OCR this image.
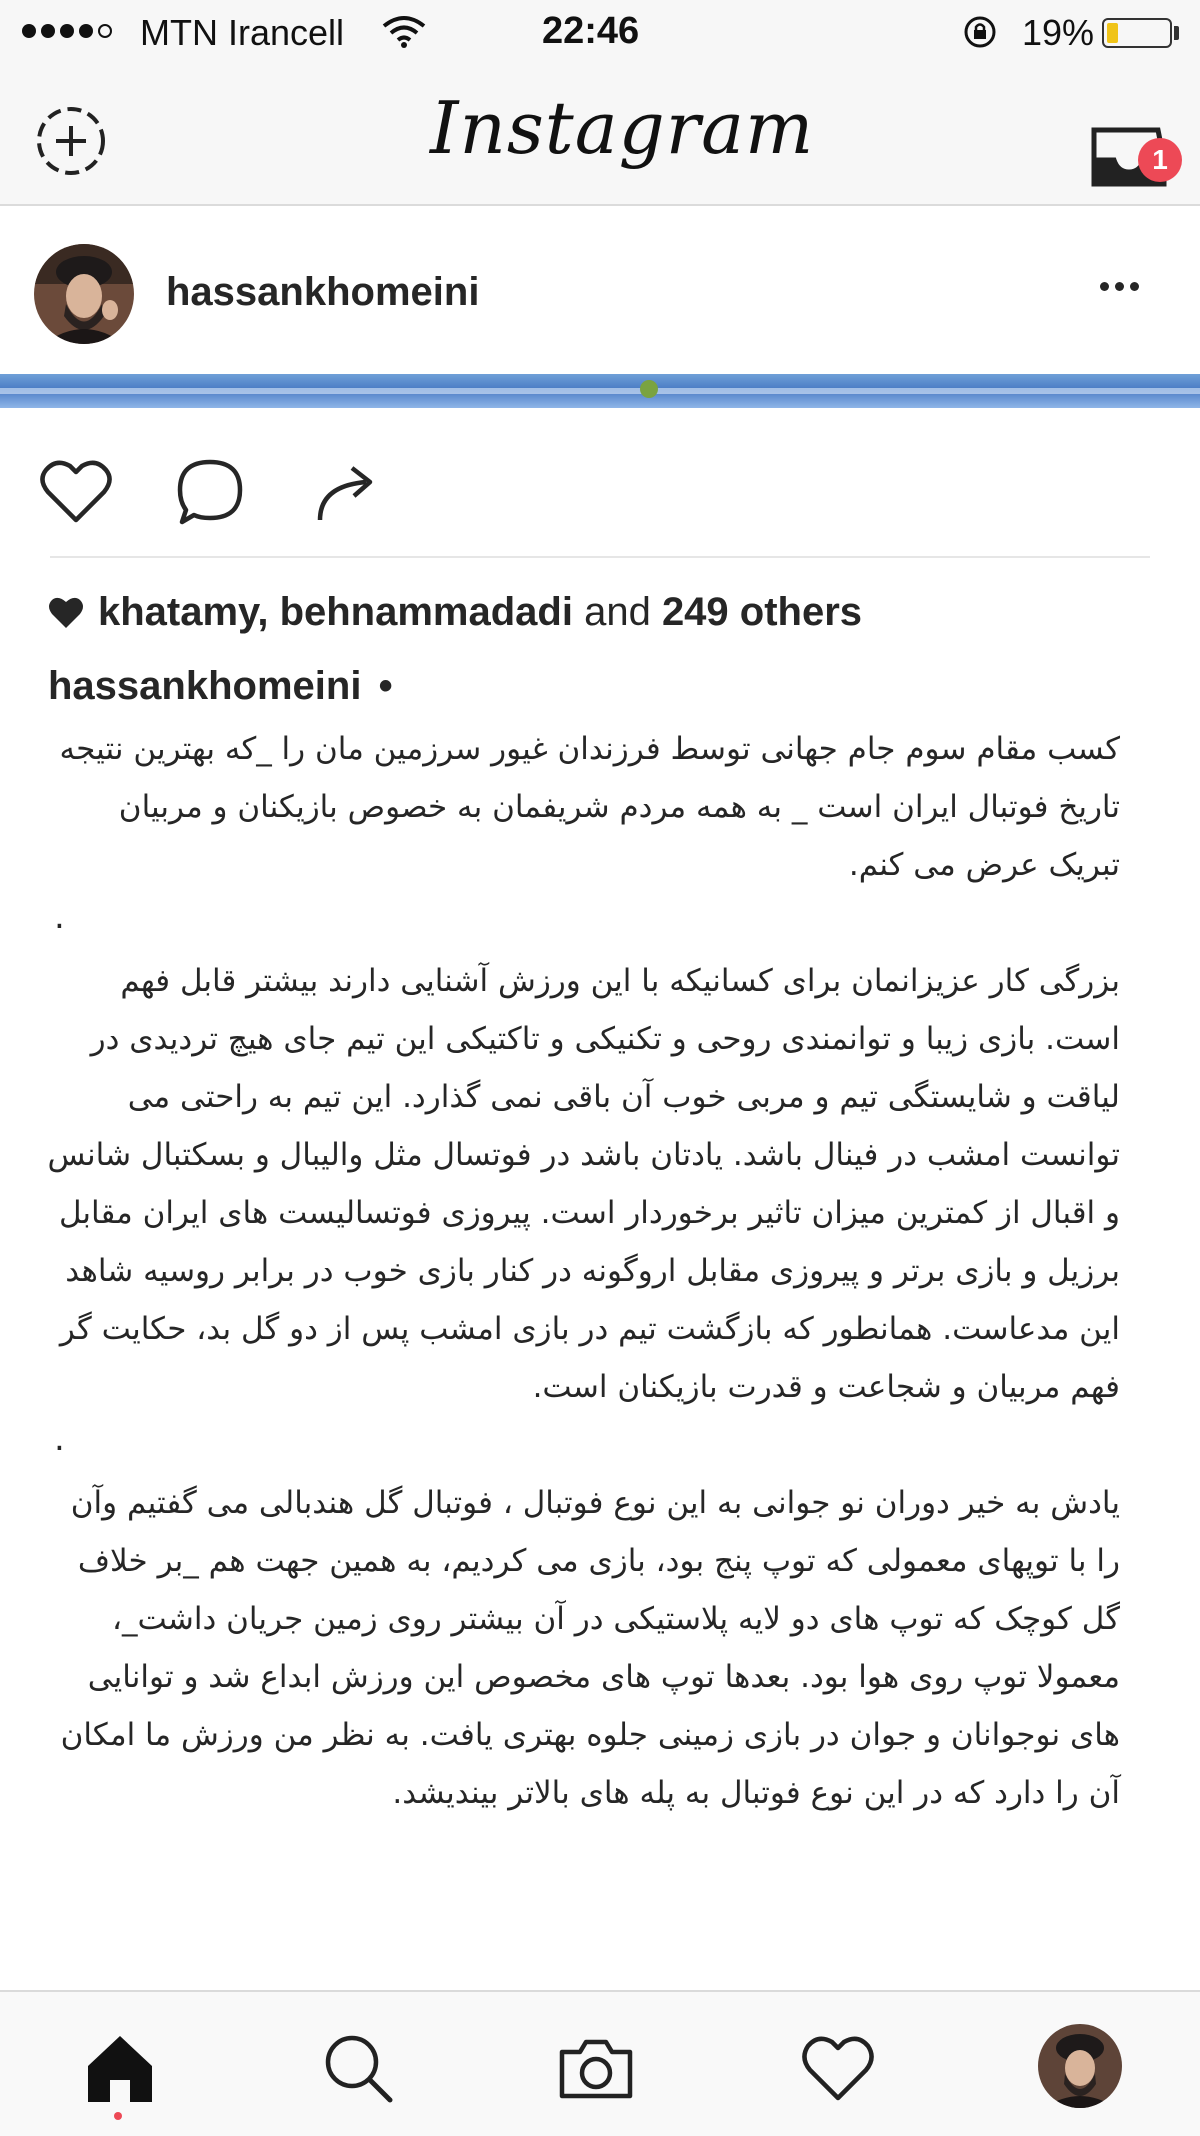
MTN Irancell	22:46	19%
Instagram	1
hassankhomeini
khatamy, behnammadadi and 249 others
hassankhomeini •

کسب مقام سوم جام جهانی توسط فرزندان غیور سرزمین مان را _که بهترین نتیجه تاریخ فوتبال ایران است _ به همه مردم شریفمان به خصوص بازیکنان و مربیان تبریک عرض می کنم.

.

بزرگی کار عزیزانمان برای کسانیکه با این ورزش آشنایی دارند بیشتر قابل فهم است. بازی زیبا و توانمندی روحی و تکنیکی و تاکتیکی این تیم جای هیچ تردیدی در لیاقت و شایستگی تیم و مربی خوب آن باقی نمی گذارد. این تیم به راحتی می توانست امشب در فینال باشد. یادتان باشد در فوتسال مثل والیبال و بسکتبال شانس و اقبال از کمترین میزان تاثیر برخوردار است. پیروزی فوتسالیست های ایران مقابل برزیل و بازی برتر و پیروزی مقابل اروگونه در کنار بازی خوب در برابر روسیه شاهد این مدعاست. همانطور که بازگشت تیم در بازی امشب پس از دو گل بد، حکایت گر فهم مربیان و شجاعت و قدرت بازیکنان است.

.

یادش به خیر دوران نو جوانی به این نوع فوتبال ، فوتبال گل هندبالی می گفتیم وآن را با توپهای معمولی که توپ پنج بود، بازی می کردیم، به همین جهت هم _بر خلاف گل کوچک که توپ های دو لایه پلاستیکی در آن بیشتر روی زمین جریان داشت_، معمولا توپ روی هوا بود. بعدها توپ های مخصوص این ورزش ابداع شد و توانایی های نوجوانان و جوان در بازی زمینی جلوه بهتری یافت. به نظر من ورزش ما امکان آن را دارد که در این نوع فوتبال به پله های بالاتر بیندیشد.
